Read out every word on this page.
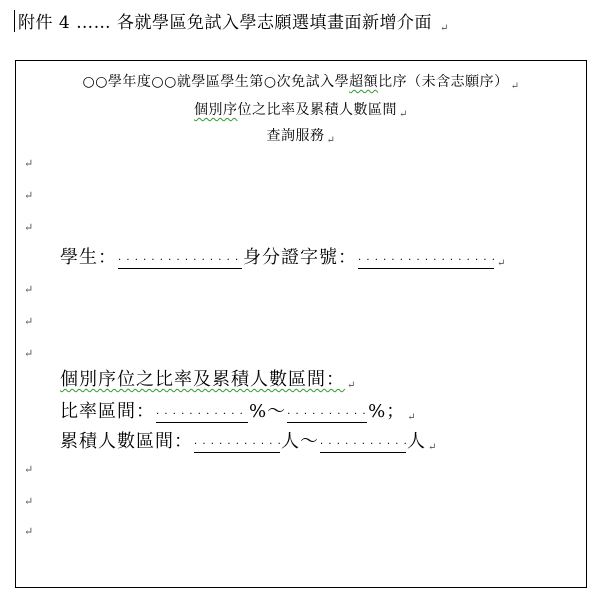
附件 4 …… 各就學區免試入學志願選填畫面新增介面 ↵
○○學年度○○就學區學生第○次免試入學超額比序（未含志願序） $_↵$
個別序位之比率及累積人數區間 $_↵$
查詢服務 $_↵$
↵
↵
↵
學生： · · ·	身分證字號： · · ·	↵
↵
↵
↵
個別序位之比率及累積人數區間： ↵
比率區間： · · ·	%～ · · ·	%； ↵
累積人數區間： · · ·	人～ · · ·	人 ↵
↵
↵
↵
